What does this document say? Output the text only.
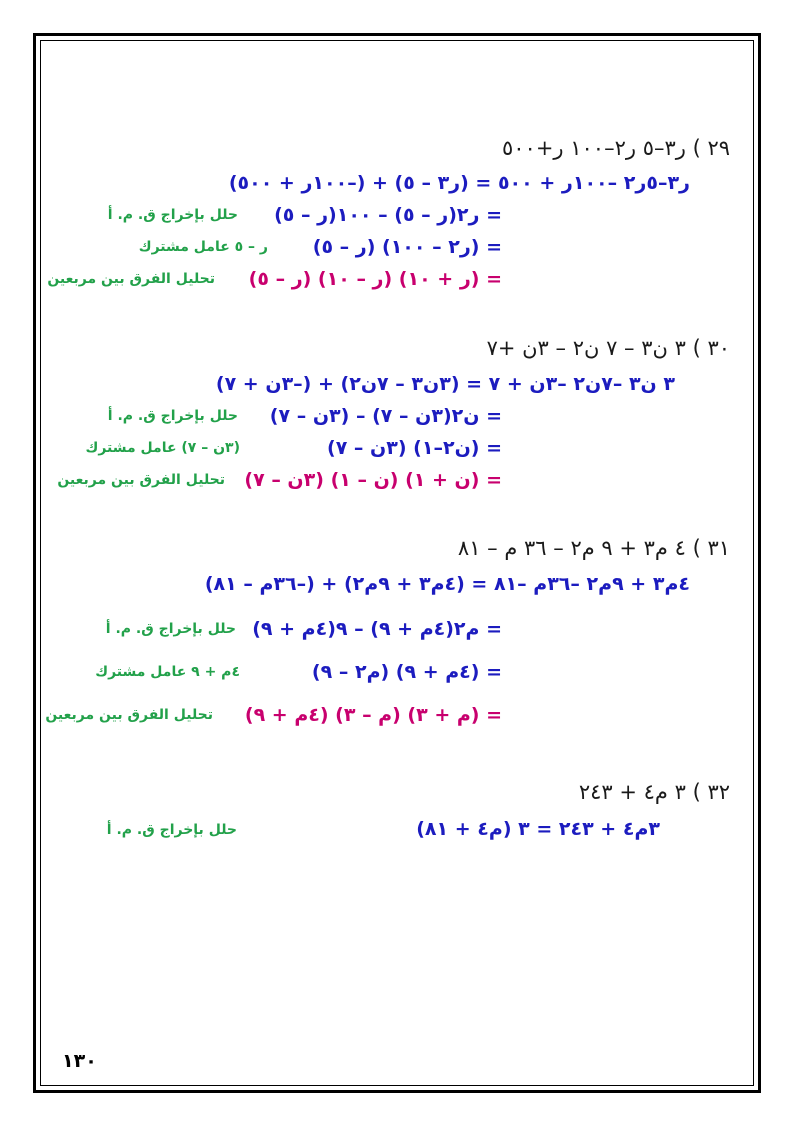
٢٩ ) ر٣–٥ ر٢–١٠٠ ر+٥٠٠
ر٣–٥ر٢ –١٠٠ر + ٥٠٠ = (ر٣ – ٥) + (–١٠٠ر + ٥٠٠)
= ر٢(ر – ٥) – ١٠٠(ر – ٥)
حلل بإخراج ق. م. أ
= (ر٢ – ١٠٠) (ر – ٥)
ر – ٥ عامل مشترك
= (ر + ١٠) (ر – ١٠) (ر – ٥)
تحليل الفرق بين مربعين
٣٠ ) ٣ ن٣ – ٧ ن٢ – ٣ن +٧
٣ ن٣ –٧ن٢ –٣ن + ٧ = (٣ن٣ – ٧ن٢) + (–٣ن + ٧)
= ن٢(٣ن – ٧) – (٣ن – ٧)
حلل بإخراج ق. م. أ
= (ن٢–١) (٣ن – ٧)
(٣ن – ٧) عامل مشترك
= (ن + ١) (ن – ١) (٣ن – ٧)
تحليل الفرق بين مربعين
٣١ ) ٤ م٣ + ٩ م٢ – ٣٦ م – ٨١
٤م٣ + ٩م٢ –٣٦م –٨١ = (٤م٣ + ٩م٢) + (–٣٦م – ٨١)
= م٢(٤م + ٩) – ٩(٤م + ٩)
حلل بإخراج ق. م. أ
= (٤م + ٩) (م٢ – ٩)
٤م + ٩ عامل مشترك
= (م + ٣) (م – ٣) (٤م + ٩)
تحليل الفرق بين مربعين
٣٢ ) ٣ م٤ + ٢٤٣
٣م٤ + ٢٤٣ = ٣ (م٤ + ٨١)
حلل بإخراج ق. م. أ
١٣٠
